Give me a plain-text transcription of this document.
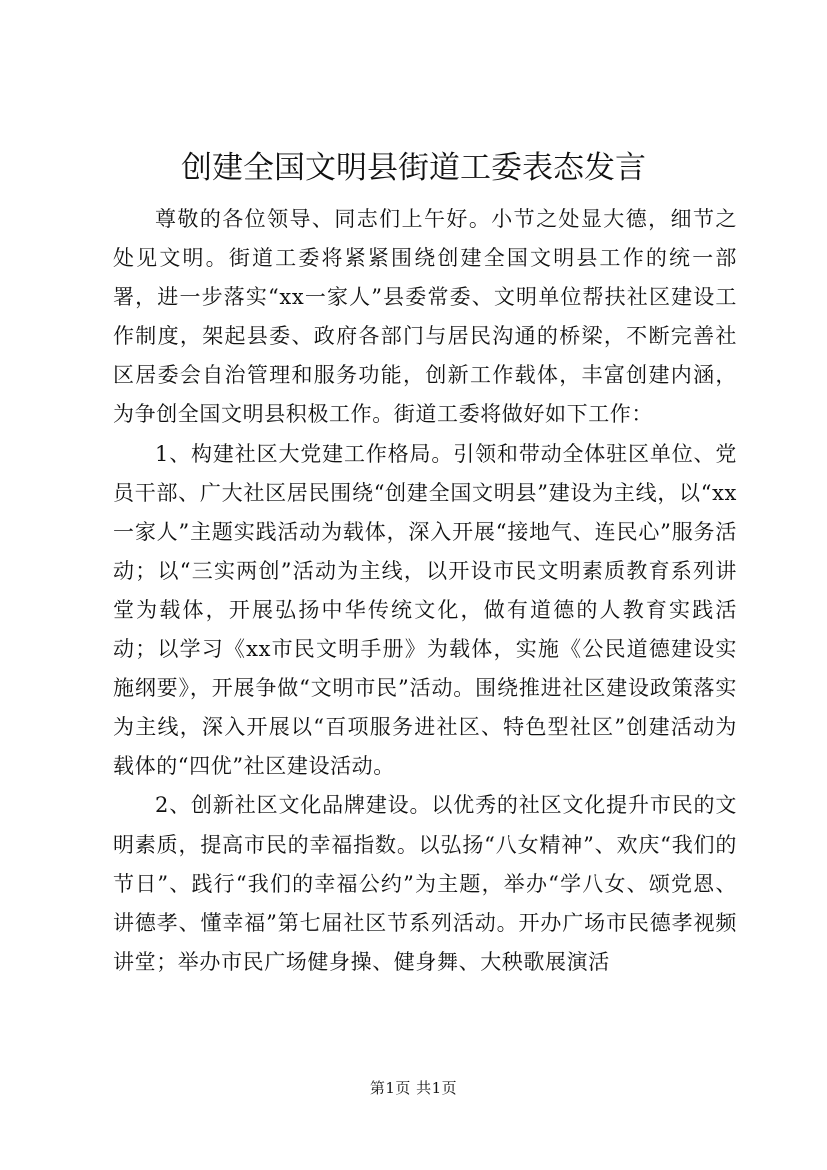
创建全国文明县街道工委表态发言

尊敬的各位领导、同志们上午好。小节之处显大德，细节之处见文明。街道工委将紧紧围绕创建全国文明县工作的统一部署，进一步落实“xx一家人”县委常委、文明单位帮扶社区建设工作制度，架起县委、政府各部门与居民沟通的桥梁，不断完善社区居委会自治管理和服务功能，创新工作载体，丰富创建内涵，为争创全国文明县积极工作。街道工委将做好如下工作：

1、构建社区大党建工作格局。引领和带动全体驻区单位、党员干部、广大社区居民围绕“创建全国文明县”建设为主线，以“xx一家人”主题实践活动为载体，深入开展“接地气、连民心”服务活动；以“三实两创”活动为主线，以开设市民文明素质教育系列讲堂为载体，开展弘扬中华传统文化，做有道德的人教育实践活动；以学习《xx市民文明手册》为载体，实施《公民道德建设实施纲要》，开展争做“文明市民”活动。围绕推进社区建设政策落实为主线，深入开展以“百项服务进社区、特色型社区”创建活动为载体的“四优”社区建设活动。

2、创新社区文化品牌建设。以优秀的社区文化提升市民的文明素质，提高市民的幸福指数。以弘扬“八女精神”、欢庆“我们的节日”、践行“我们的幸福公约”为主题，举办“学八女、颂党恩、讲德孝、懂幸福”第七届社区节系列活动。开办广场市民德孝视频讲堂；举办市民广场健身操、健身舞、大秧歌展演活

第1页 共1页
